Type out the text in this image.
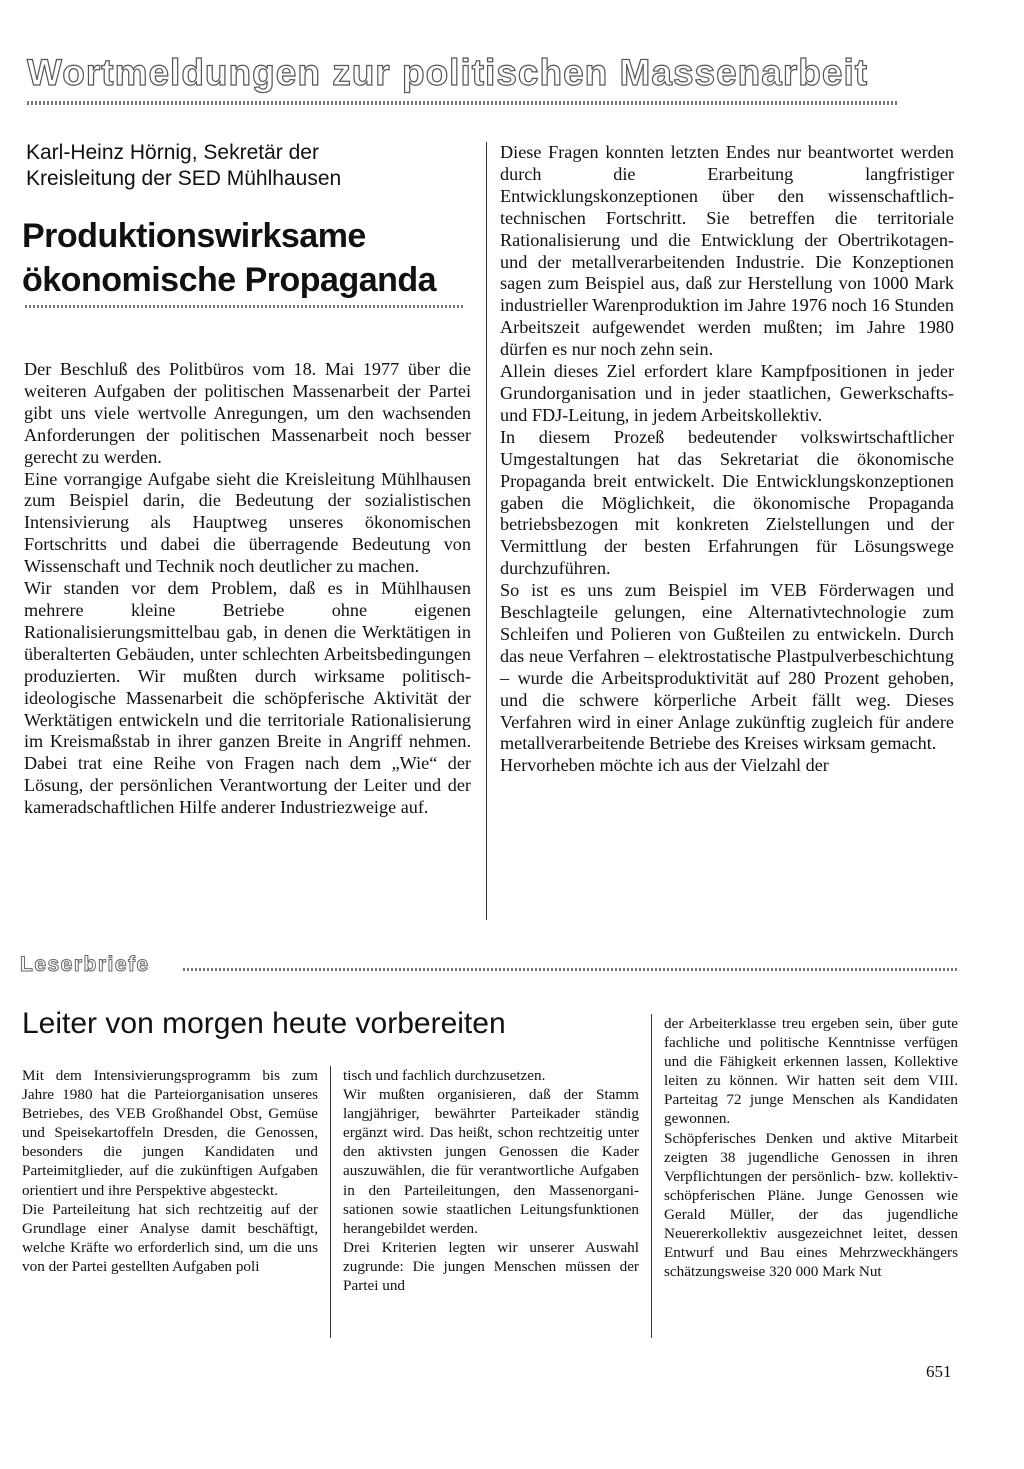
Wortmeldungen zur politischen Massenarbeit
Karl-Heinz Hörnig, Sekretär der
Kreisleitung der SED Mühlhausen
Produktionswirksame
ökonomische Propaganda
Der Beschluß des Politbüros vom 18. Mai 1977 über die weiteren Aufgaben der politischen Massenarbeit der Partei gibt uns viele wertvolle Anregungen, um den wachsenden Anforderungen der politischen Massenarbeit noch besser gerecht zu werden.
Eine vorrangige Aufgabe sieht die Kreisleitung Mühlhausen zum Beispiel darin, die Bedeutung der sozialistischen Intensivierung als Hauptweg unseres ökonomischen Fortschritts und dabei die überragende Bedeutung von Wissenschaft und Technik noch deutlicher zu machen.
Wir standen vor dem Problem, daß es in Mühlhausen mehrere kleine Betriebe ohne eigenen Rationalisierungsmittelbau gab, in denen die Werktätigen in überalterten Gebäuden, unter schlechten Arbeitsbedingungen produzierten. Wir mußten durch wirksame politisch-ideologische Massenarbeit die schöpferische Aktivität der Werktätigen entwickeln und die territoriale Rationalisierung im Kreismaßstab in ihrer ganzen Breite in Angriff nehmen. Dabei trat eine Reihe von Fragen nach dem „Wie“ der Lösung, der persönlichen Verantwortung der Leiter und der kameradschaftlichen Hilfe anderer Industriezweige auf.
Diese Fragen konnten letzten Endes nur beantwortet werden durch die Erarbeitung langfristiger Entwicklungskonzeptionen über den wissenschaftlich-technischen Fortschritt. Sie betreffen die territoriale Rationalisierung und die Entwicklung der Obertrikotagen- und der metallverarbeitenden Industrie. Die Konzeptionen sagen zum Beispiel aus, daß zur Herstellung von 1000 Mark industrieller Warenproduktion im Jahre 1976 noch 16 Stunden Arbeitszeit aufgewendet werden mußten; im Jahre 1980 dürfen es nur noch zehn sein.
Allein dieses Ziel erfordert klare Kampfpositionen in jeder Grundorganisation und in jeder staatlichen, Gewerkschafts- und FDJ-Leitung, in jedem Arbeitskollektiv.
In diesem Prozeß bedeutender volkswirtschaftlicher Umgestaltungen hat das Sekretariat die ökonomische Propaganda breit entwickelt. Die Entwicklungskonzeptionen gaben die Möglichkeit, die ökonomische Propaganda betriebsbezogen mit konkreten Zielstellungen und der Vermittlung der besten Erfahrungen für Lösungswege durchzuführen.
So ist es uns zum Beispiel im VEB Förderwagen und Beschlagteile gelungen, eine Alternativtechnologie zum Schleifen und Polieren von Gußteilen zu entwickeln. Durch das neue Verfahren – elektrostatische Plastpulverbeschichtung – wurde die Arbeitsproduktivität auf 280 Prozent gehoben, und die schwere körperliche Arbeit fällt weg. Dieses Verfahren wird in einer Anlage zukünftig zugleich für andere metallverarbeitende Betriebe des Kreises wirksam gemacht.
Hervorheben möchte ich aus der Vielzahl der
Leserbriefe
Leiter von morgen heute vorbereiten
Mit dem Intensivierungsprogramm bis zum Jahre 1980 hat die Parteiorganisation unseres Betriebes, des VEB Großhandel Obst, Gemüse und Speisekartoffeln Dresden, die Genossen, besonders die jungen Kandidaten und Parteimitglieder, auf die zukünftigen Aufgaben orientiert und ihre Perspektive abgesteckt.
Die Parteileitung hat sich rechtzeitig auf der Grundlage einer Analyse damit beschäftigt, welche Kräfte wo erforderlich sind, um die uns von der Partei gestellten Aufgaben poli
tisch und fachlich durchzusetzen.
Wir mußten organisieren, daß der Stamm langjähriger, bewährter Parteikader ständig ergänzt wird. Das heißt, schon rechtzeitig unter den aktivsten jungen Genossen die Kader auszuwählen, die für verantwortliche Aufgaben in den Parteileitungen, den Massenorganisationen sowie staatlichen Leitungsfunktionen herangebildet werden.
Drei Kriterien legten wir unserer Auswahl zugrunde: Die jungen Menschen müssen der Partei und
der Arbeiterklasse treu ergeben sein, über gute fachliche und politische Kenntnisse verfügen und die Fähigkeit erkennen lassen, Kollektive leiten zu können. Wir hatten seit dem VIII. Parteitag 72 junge Menschen als Kandidaten gewonnen.
Schöpferisches Denken und aktive Mitarbeit zeigten 38 jugendliche Genossen in ihren Verpflichtungen der persönlich- bzw. kollektivschöpferischen Pläne. Junge Genossen wie Gerald Müller, der das jugendliche Neuererkollektiv ausgezeichnet leitet, dessen Entwurf und Bau eines Mehrzweckhängers schätzungsweise 320 000 Mark Nut
651
